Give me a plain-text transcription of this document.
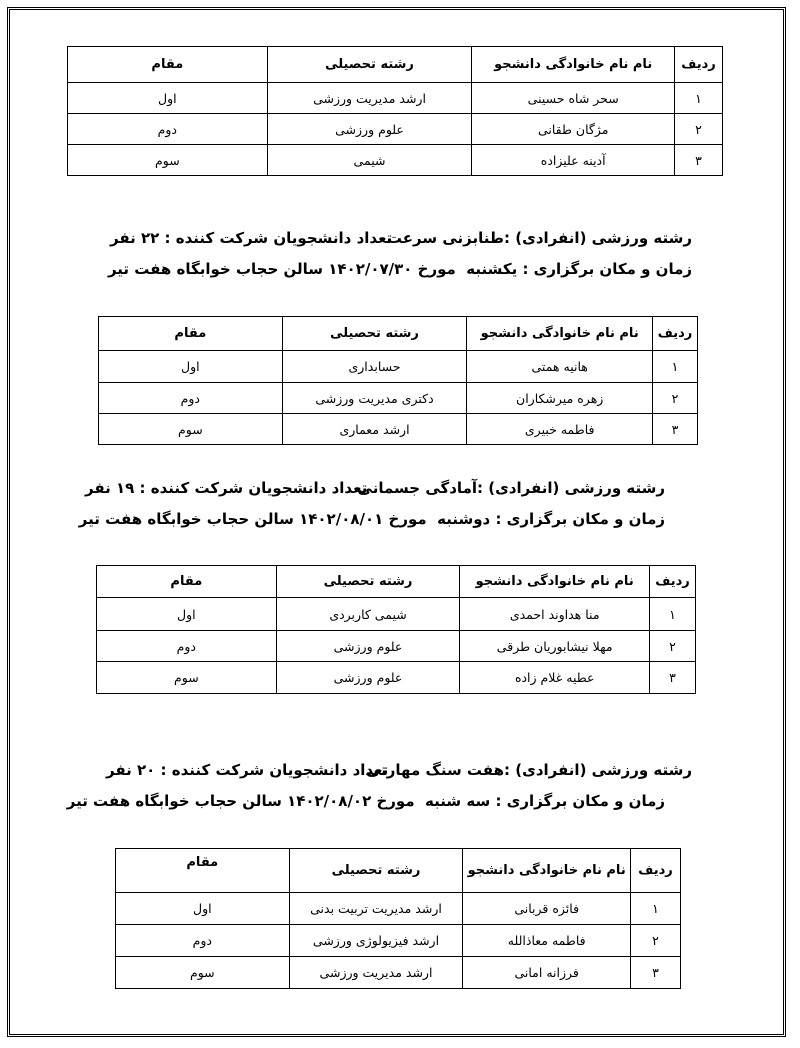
ردیف	نام نام خانوادگی دانشجو	رشته تحصیلی	مقام
۱	سحر شاه حسینی	ارشد مدیریت ورزشی	اول
۲	مژگان طقانی	علوم ورزشی	دوم
۳	آدینه علیزاده	شیمی	سوم
رشته ورزشی (انفرادی) :طنابزنی سرعت
تعداد دانشجویان شرکت کننده : ۲۲ نفر
زمان و مکان برگزاری : یکشنبه  مورخ ۱۴۰۲/۰۷/۳۰ سالن حجاب خوابگاه هفت تیر
ردیف	نام نام خانوادگی دانشجو	رشته تحصیلی	مقام
۱	هانیه همتی	حسابداری	اول
۲	زهره میرشکاران	دکتری مدیریت ورزشی	دوم
۳	فاطمه خبیری	ارشد معماری	سوم
رشته ورزشی (انفرادی) :آمادگی جسمانی
تعداد دانشجویان شرکت کننده : ۱۹ نفر
زمان و مکان برگزاری : دوشنبه  مورخ ۱۴۰۲/۰۸/۰۱ سالن حجاب خوابگاه هفت تیر
ردیف	نام نام خانوادگی دانشجو	رشته تحصیلی	مقام
۱	منا هداوند احمدی	شیمی کاربردی	اول
۲	مهلا نیشابوریان طرقی	علوم ورزشی	دوم
۳	عطیه غلام زاده	علوم ورزشی	سوم
رشته ورزشی (انفرادی) :هفت سنگ مهارتی
تعداد دانشجویان شرکت کننده : ۲۰ نفر
زمان و مکان برگزاری : سه شنبه  مورخ ۱۴۰۲/۰۸/۰۲ سالن حجاب خوابگاه هفت تیر
ردیف	نام نام خانوادگی دانشجو	رشته تحصیلی	مقام
۱	فائزه قربانی	ارشد مدیریت تربیت بدنی	اول
۲	فاطمه معاذالله	ارشد فیزیولوژی ورزشی	دوم
۳	فرزانه امانی	ارشد مدیریت ورزشی	سوم
